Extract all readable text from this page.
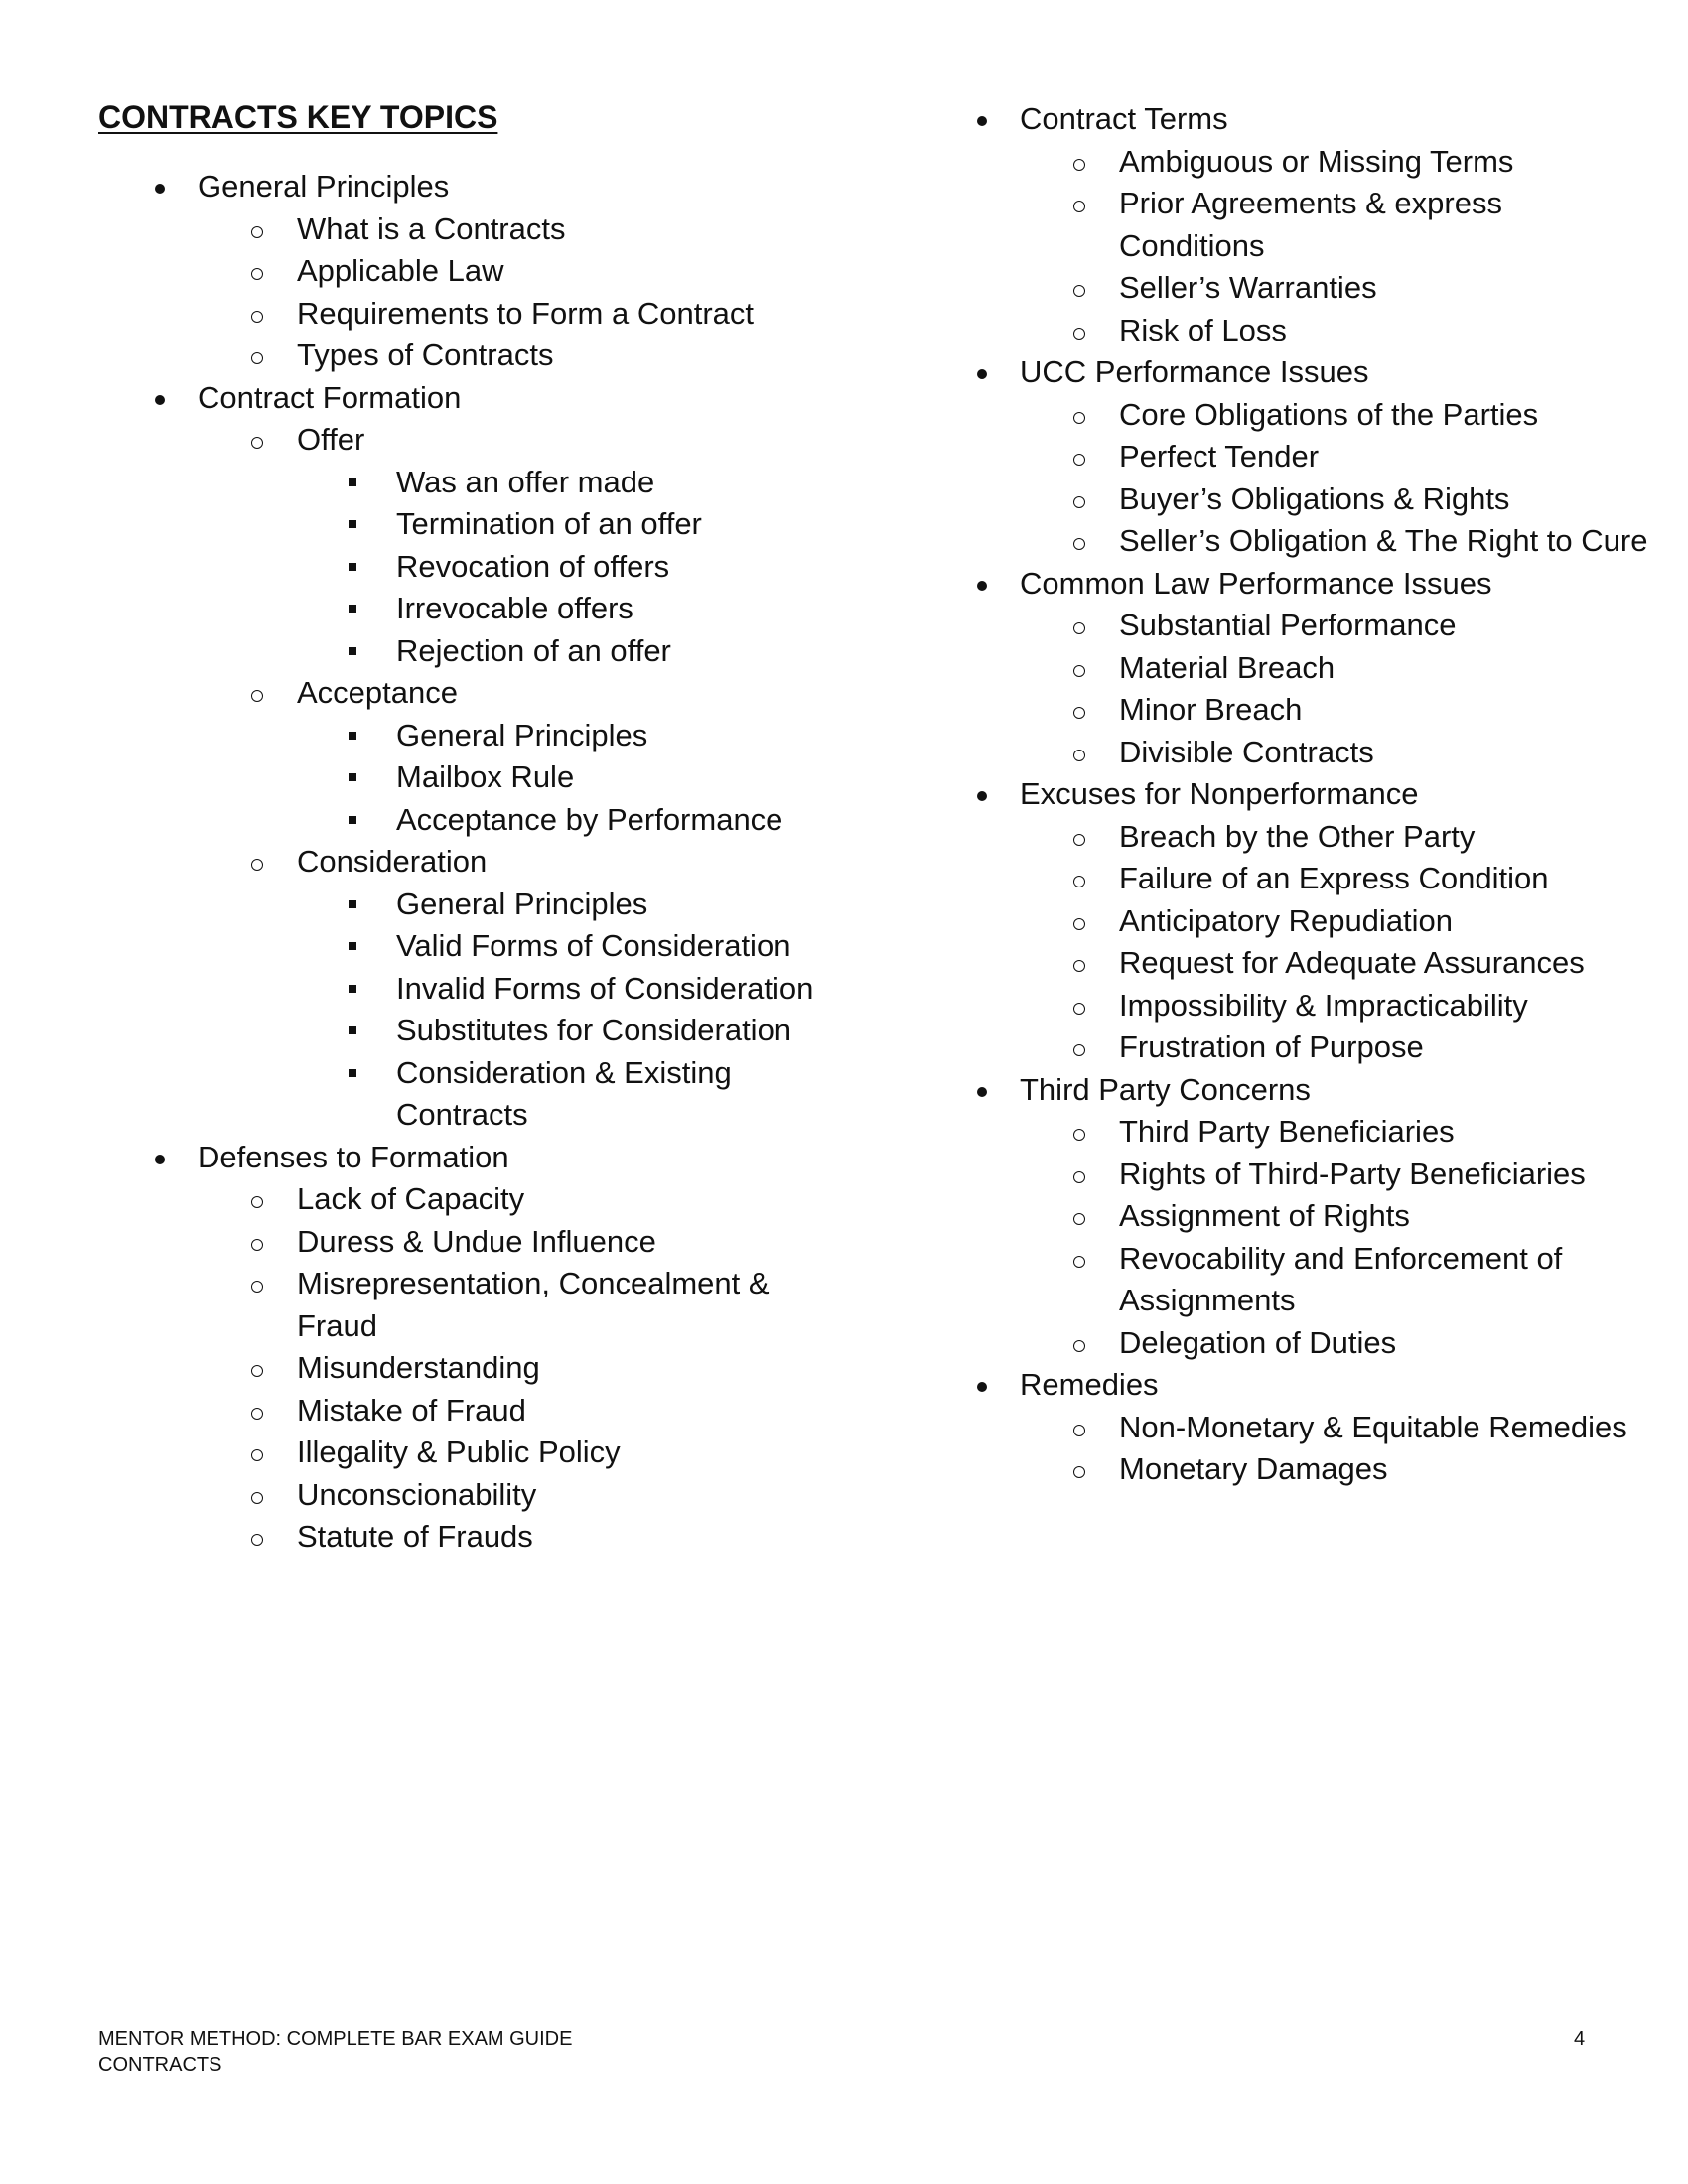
CONTRACTS KEY TOPICS
General Principles
What is a Contracts
Applicable Law
Requirements to Form a Contract
Types of Contracts
Contract Formation
Offer
Was an offer made
Termination of an offer
Revocation of offers
Irrevocable offers
Rejection of an offer
Acceptance
General Principles
Mailbox Rule
Acceptance by Performance
Consideration
General Principles
Valid Forms of Consideration
Invalid Forms of Consideration
Substitutes for Consideration
Consideration & Existing Contracts
Defenses to Formation
Lack of Capacity
Duress & Undue Influence
Misrepresentation, Concealment & Fraud
Misunderstanding
Mistake of Fraud
Illegality & Public Policy
Unconscionability
Statute of Frauds
Contract Terms
Ambiguous or Missing Terms
Prior Agreements & express Conditions
Seller’s Warranties
Risk of Loss
UCC Performance Issues
Core Obligations of the Parties
Perfect Tender
Buyer’s Obligations & Rights
Seller’s Obligation & The Right to Cure
Common Law Performance Issues
Substantial Performance
Material Breach
Minor Breach
Divisible Contracts
Excuses for Nonperformance
Breach by the Other Party
Failure of an Express Condition
Anticipatory Repudiation
Request for Adequate Assurances
Impossibility & Impracticability
Frustration of Purpose
Third Party Concerns
Third Party Beneficiaries
Rights of Third-Party Beneficiaries
Assignment of Rights
Revocability and Enforcement of Assignments
Delegation of Duties
Remedies
Non-Monetary & Equitable Remedies
Monetary Damages
MENTOR METHOD: COMPLETE BAR EXAM GUIDE
CONTRACTS
4
